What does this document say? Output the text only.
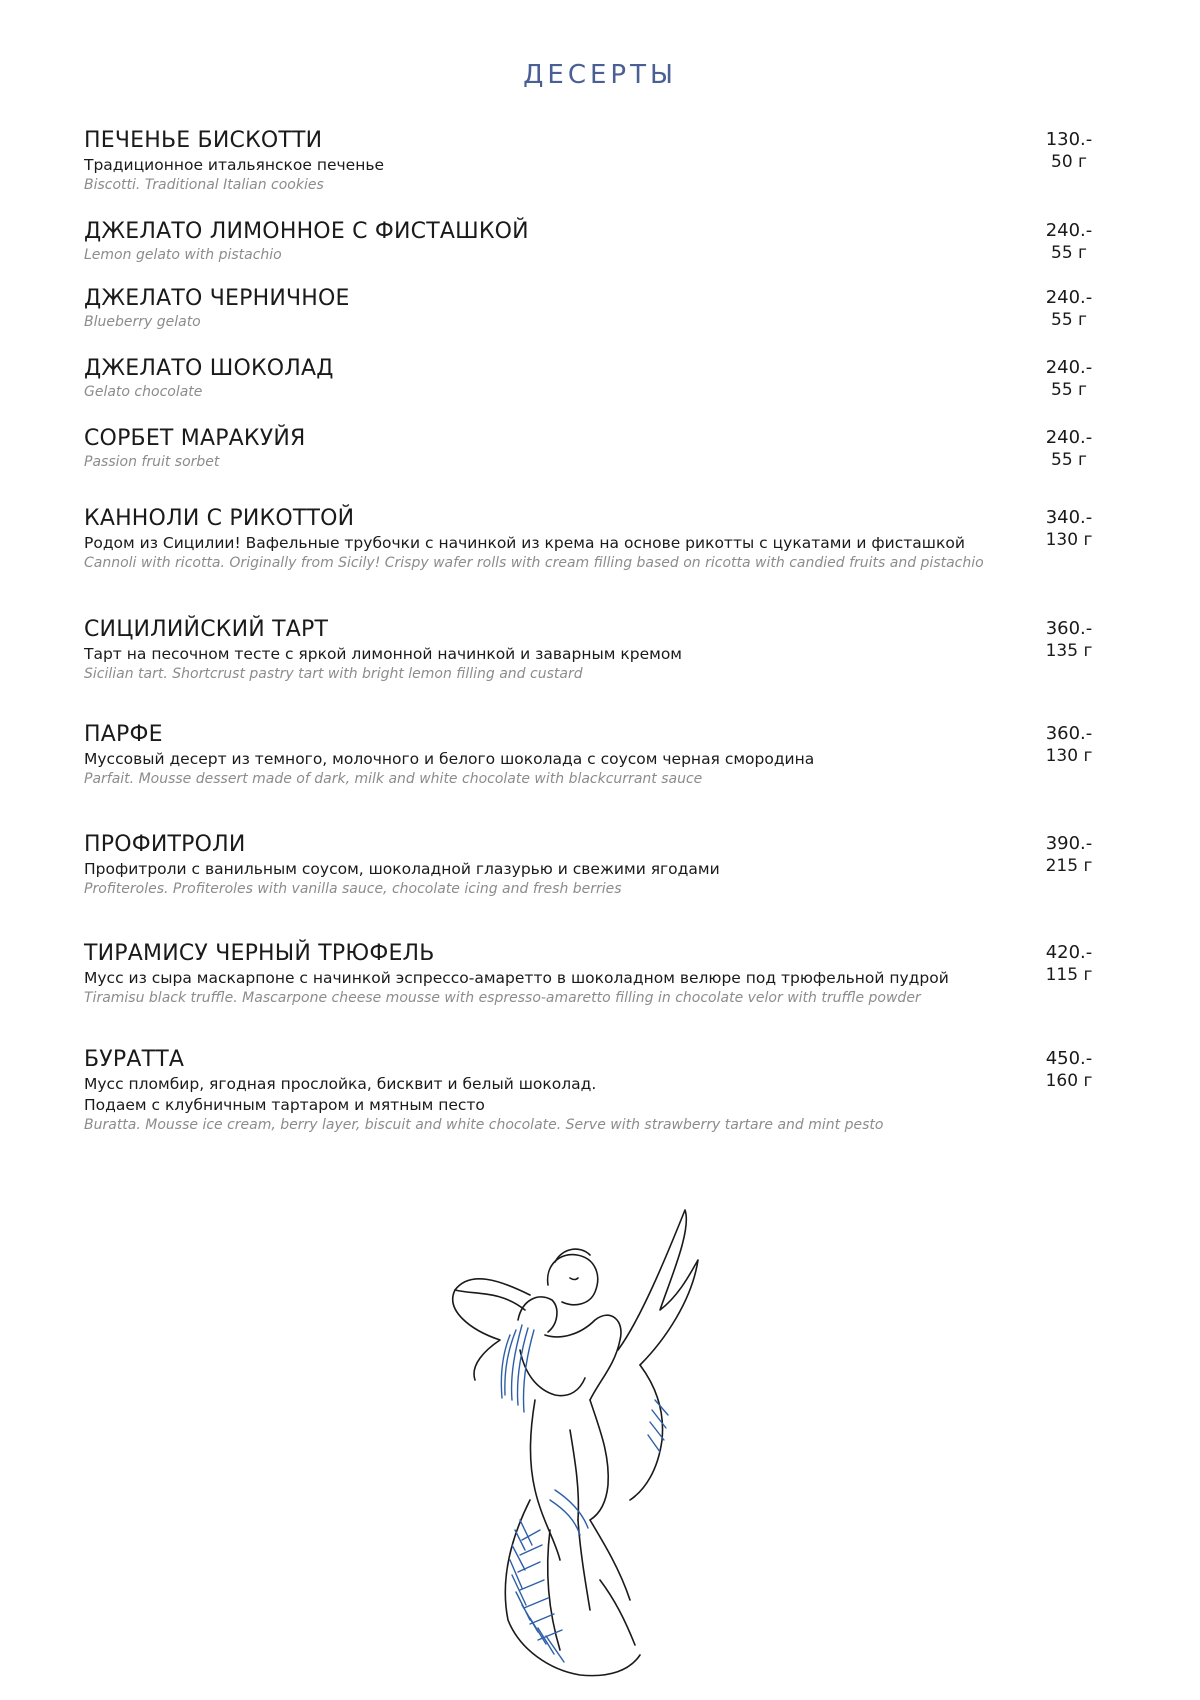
ДЕСЕРТЫ
ПЕЧЕНЬЕ БИСКОТТИ
Традиционное итальянское печенье
Biscotti. Traditional Italian cookies
130.-
50 г
ДЖЕЛАТО ЛИМОННОЕ С ФИСТАШКОЙ
Lemon gelato with pistachio
240.-
55 г
ДЖЕЛАТО ЧЕРНИЧНОЕ
Blueberry gelato
240.-
55 г
ДЖЕЛАТО ШОКОЛАД
Gelato chocolate
240.-
55 г
СОРБЕТ МАРАКУЙЯ
Passion fruit sorbet
240.-
55 г
КАННОЛИ С РИКОТТОЙ
Родом из Сицилии! Вафельные трубочки с начинкой из крема на основе рикотты с цукатами и фисташкой
Cannoli with ricotta. Originally from Sicily! Crispy wafer rolls with cream filling based on ricotta with candied fruits and pistachio
340.-
130 г
СИЦИЛИЙСКИЙ ТАРТ
Тарт на песочном тесте с яркой лимонной начинкой и заварным кремом
Sicilian tart. Shortcrust pastry tart with bright lemon filling and custard
360.-
135 г
ПАРФЕ
Муссовый десерт из темного, молочного и белого шоколада с соусом черная смородина
Parfait. Mousse dessert made of dark, milk and white chocolate with blackcurrant sauce
360.-
130 г
ПРОФИТРОЛИ
Профитроли с ванильным соусом, шоколадной глазурью и свежими ягодами
Profiteroles. Profiteroles with vanilla sauce, chocolate icing and fresh berries
390.-
215 г
ТИРАМИСУ ЧЕРНЫЙ ТРЮФЕЛЬ
Мусс из сыра маскарпоне с начинкой эспрессо-амаретто в шоколадном велюре под трюфельной пудрой
Tiramisu black truffle. Mascarpone cheese mousse with espresso-amaretto filling in chocolate velor with truffle powder
420.-
115 г
БУРАТТА
Мусс пломбир, ягодная прослойка, бисквит и белый шоколад.
Подаем с клубничным тартаром и мятным песто
Buratta. Mousse ice cream, berry layer, biscuit and white chocolate. Serve with strawberry tartare and mint pesto
450.-
160 г
